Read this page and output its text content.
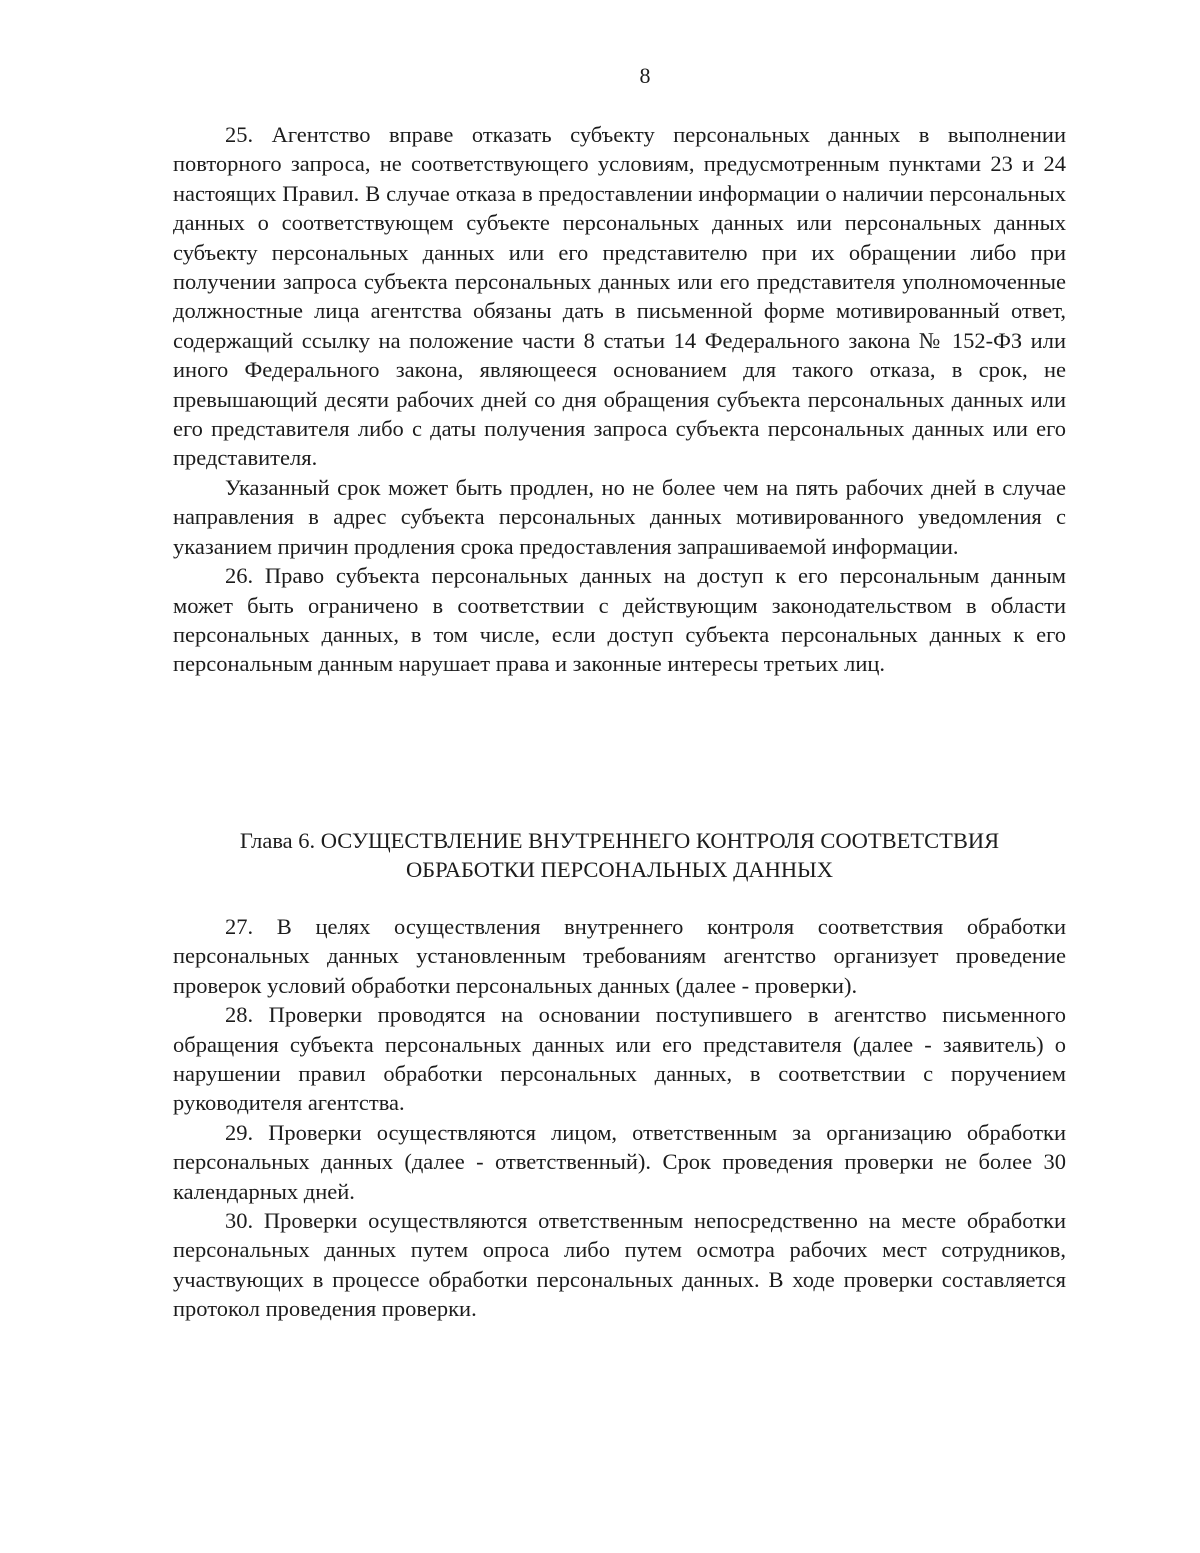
8

25. Агентство вправе отказать субъекту персональных данных в выполнении повторного запроса, не соответствующего условиям, предусмотренным пунктами 23 и 24 настоящих Правил. В случае отказа в предоставлении информации о наличии персональных данных о соответствующем субъекте персональных данных или персональных данных субъекту персональных данных или его представителю при их обращении либо при получении запроса субъекта персональных данных или его представителя уполномоченные должностные лица агентства обязаны дать в письменной форме мотивированный ответ, содержащий ссылку на положение части 8 статьи 14 Федерального закона № 152-ФЗ или иного Федерального закона, являющееся основанием для такого отказа, в срок, не превышающий десяти рабочих дней со дня обращения субъекта персональных данных или его представителя либо с даты получения запроса субъекта персональных данных или его представителя.

Указанный срок может быть продлен, но не более чем на пять рабочих дней в случае направления в адрес субъекта персональных данных мотивированного уведомления с указанием причин продления срока предоставления запрашиваемой информации.

26. Право субъекта персональных данных на доступ к его персональным данным может быть ограничено в соответствии с действующим законодательством в области персональных данных, в том числе, если доступ субъекта персональных данных к его персональным данным нарушает права и законные интересы третьих лиц.

Глава 6. ОСУЩЕСТВЛЕНИЕ ВНУТРЕННЕГО КОНТРОЛЯ СООТВЕТСТВИЯ
ОБРАБОТКИ ПЕРСОНАЛЬНЫХ ДАННЫХ

27. В целях осуществления внутреннего контроля соответствия обработки персональных данных установленным требованиям агентство организует проведение проверок условий обработки персональных данных (далее - проверки).

28. Проверки проводятся на основании поступившего в агентство письменного обращения субъекта персональных данных или его представителя (далее - заявитель) о нарушении правил обработки персональных данных, в соответствии с поручением руководителя агентства.

29. Проверки осуществляются лицом, ответственным за организацию обработки персональных данных (далее - ответственный). Срок проведения проверки не более 30 календарных дней.

30. Проверки осуществляются ответственным непосредственно на месте обработки персональных данных путем опроса либо путем осмотра рабочих мест сотрудников, участвующих в процессе обработки персональных данных. В ходе проверки составляется протокол проведения проверки.
